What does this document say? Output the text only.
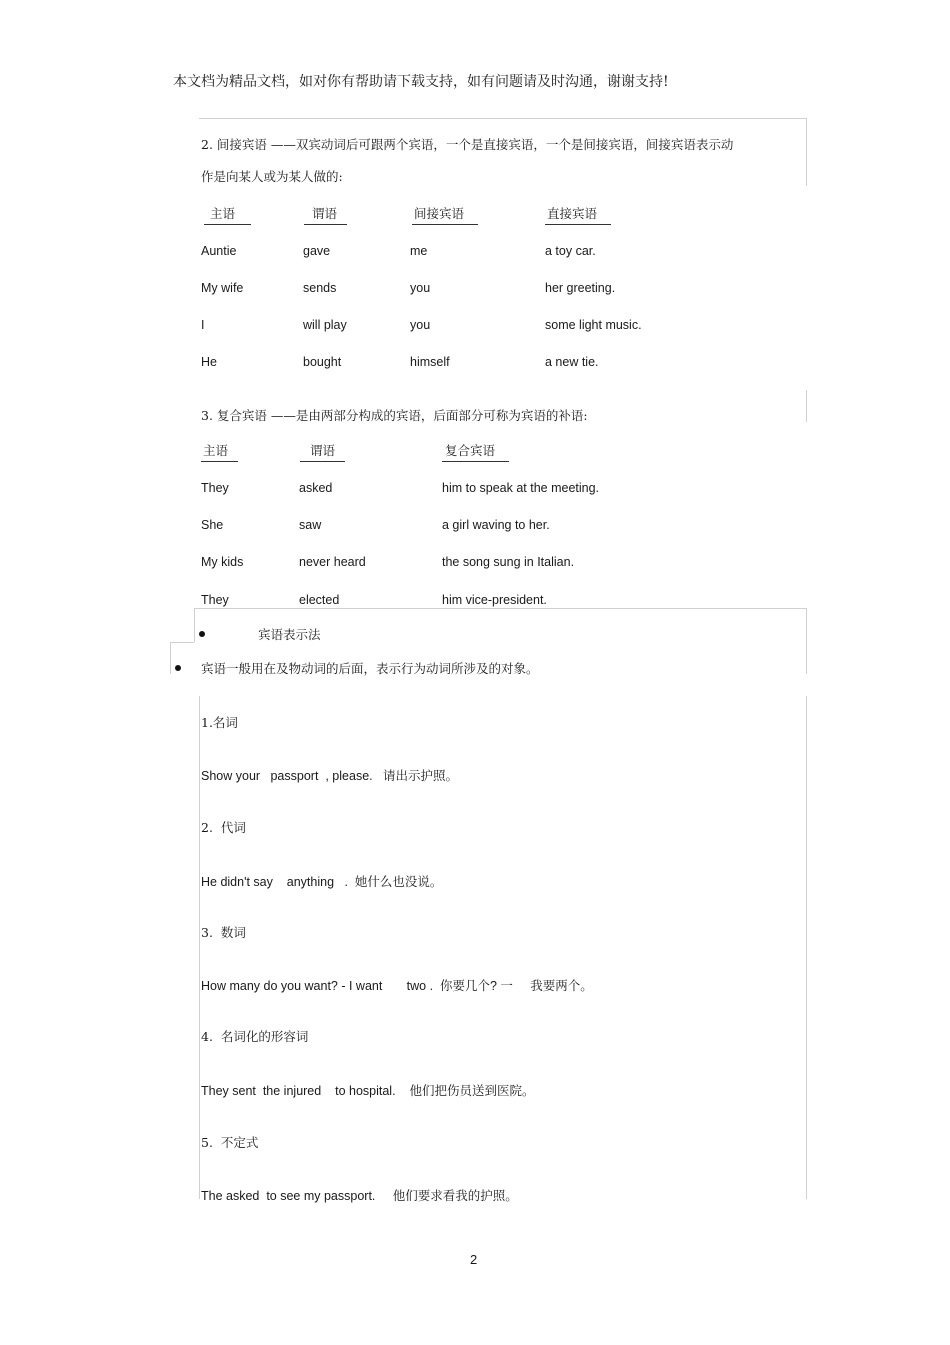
本文档为精品文档，如对你有帮助请下载支持，如有问题请及时沟通，谢谢支持!
2. 间接宾语 ——双宾动词后可跟两个宾语，一个是直接宾语，一个是间接宾语，间接宾语表示动
作是向某人或为某人做的:
主语	谓语	间接宾语	直接宾语
Auntie	gave	me	a toy car.
My wife	sends	you	her greeting.
I	will play	you	some light music.
He	bought	himself	a new tie.
3. 复合宾语 ——是由两部分构成的宾语，后面部分可称为宾语的补语:
主语	谓语	复合宾语
They	asked	him to speak at the meeting.
She	saw	a girl waving to her.
My kids	never heard	the song sung in Italian.
They	elected	him vice-president.
宾语表示法
宾语一般用在及物动词的后面，表示行为动词所涉及的对象。
1.名词
Show your   passport  , please.   请出示护照。
2.  代词
He didn't say    anything   .  她什么也没说。
3.  数词
How many do you want? - I want       two .  你要几个? 一     我要两个。
4.  名词化的形容词
They sent  the injured    to hospital.    他们把伤员送到医院。
5.  不定式
The asked  to see my passport.     他们要求看我的护照。
2
